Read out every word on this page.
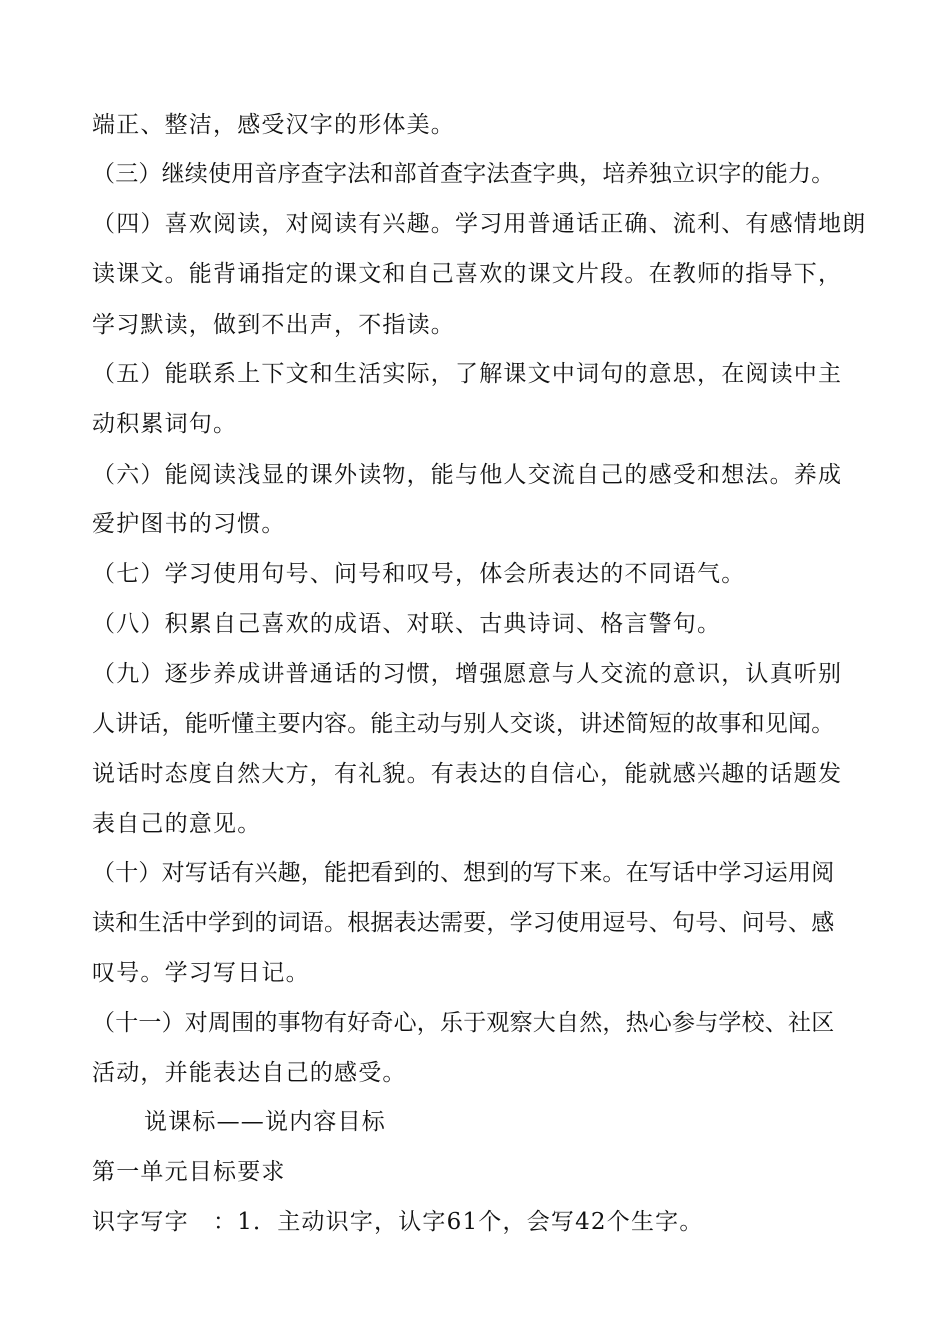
端正、整洁，感受汉字的形体美。
（三）继续使用音序查字法和部首查字法查字典，培养独立识字的能力。
（四）喜欢阅读，对阅读有兴趣。学习用普通话正确、流利、有感情地朗
读课文。能背诵指定的课文和自己喜欢的课文片段。在教师的指导下，
学习默读，做到不出声，不指读。
（五）能联系上下文和生活实际，了解课文中词句的意思，在阅读中主
动积累词句。
（六）能阅读浅显的课外读物，能与他人交流自己的感受和想法。养成
爱护图书的习惯。
（七）学习使用句号、问号和叹号，体会所表达的不同语气。
（八）积累自己喜欢的成语、对联、古典诗词、格言警句。
（九）逐步养成讲普通话的习惯，增强愿意与人交流的意识，认真听别
人讲话，能听懂主要内容。能主动与别人交谈，讲述简短的故事和见闻。
说话时态度自然大方，有礼貌。有表达的自信心，能就感兴趣的话题发
表自己的意见。
（十）对写话有兴趣，能把看到的、想到的写下来。在写话中学习运用阅
读和生活中学到的词语。根据表达需要，学习使用逗号、句号、问号、感
叹号。学习写日记。
（十一）对周围的事物有好奇心，乐于观察大自然，热心参与学校、社区
活动，并能表达自己的感受。
说课标——说内容目标
第一单元目标要求
识字写字　：1．主动识字，认字61个，会写42个生字。
